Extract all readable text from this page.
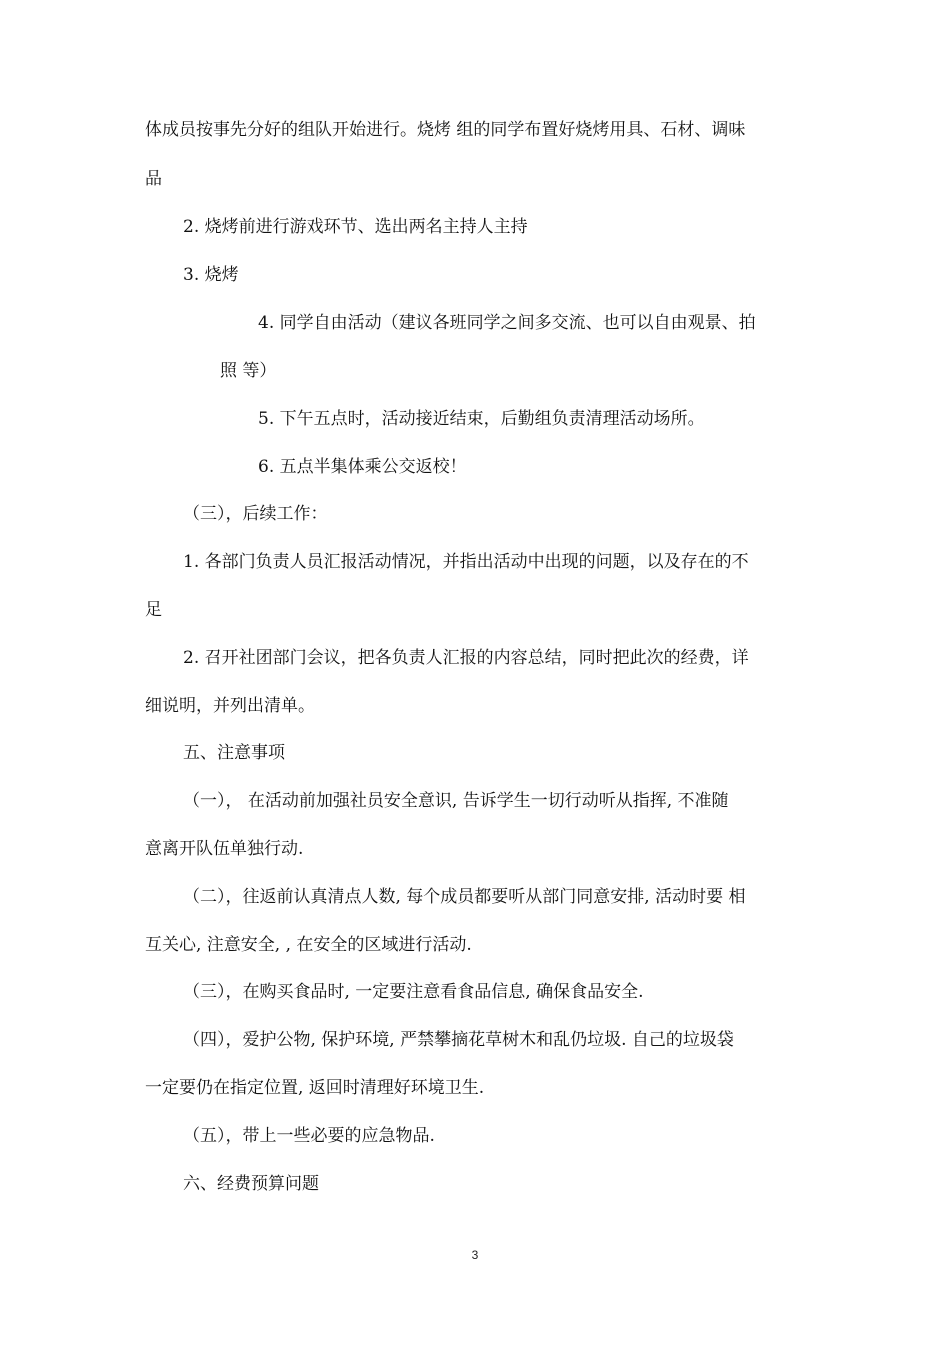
体成员按事先分好的组队开始进行。烧烤 组的同学布置好烧烤用具、石材、调味

品

2. 烧烤前进行游戏环节、选出两名主持人主持

3. 烧烤

4. 同学自由活动（建议各班同学之间多交流、也可以自由观景、拍

照 等）

5. 下午五点时，活动接近结束，后勤组负责清理活动场所。

6. 五点半集体乘公交返校！

（三），后续工作：

1. 各部门负责人员汇报活动情况，并指出活动中出现的问题，以及存在的不

足

2. 召开社团部门会议，把各负责人汇报的内容总结，同时把此次的经费，详

细说明，并列出清单。

五、注意事项

（一）， 在活动前加强社员安全意识, 告诉学生一切行动听从指挥, 不准随

意离开队伍单独行动.

（二），往返前认真清点人数, 每个成员都要听从部门同意安排, 活动时要 相

互关心, 注意安全, , 在安全的区域进行活动.

（三），在购买食品时, 一定要注意看食品信息, 确保食品安全.

（四），爱护公物, 保护环境, 严禁攀摘花草树木和乱仍垃圾. 自己的垃圾袋

一定要仍在指定位置, 返回时清理好环境卫生.

（五），带上一些必要的应急物品.

六、经费预算问题

3
